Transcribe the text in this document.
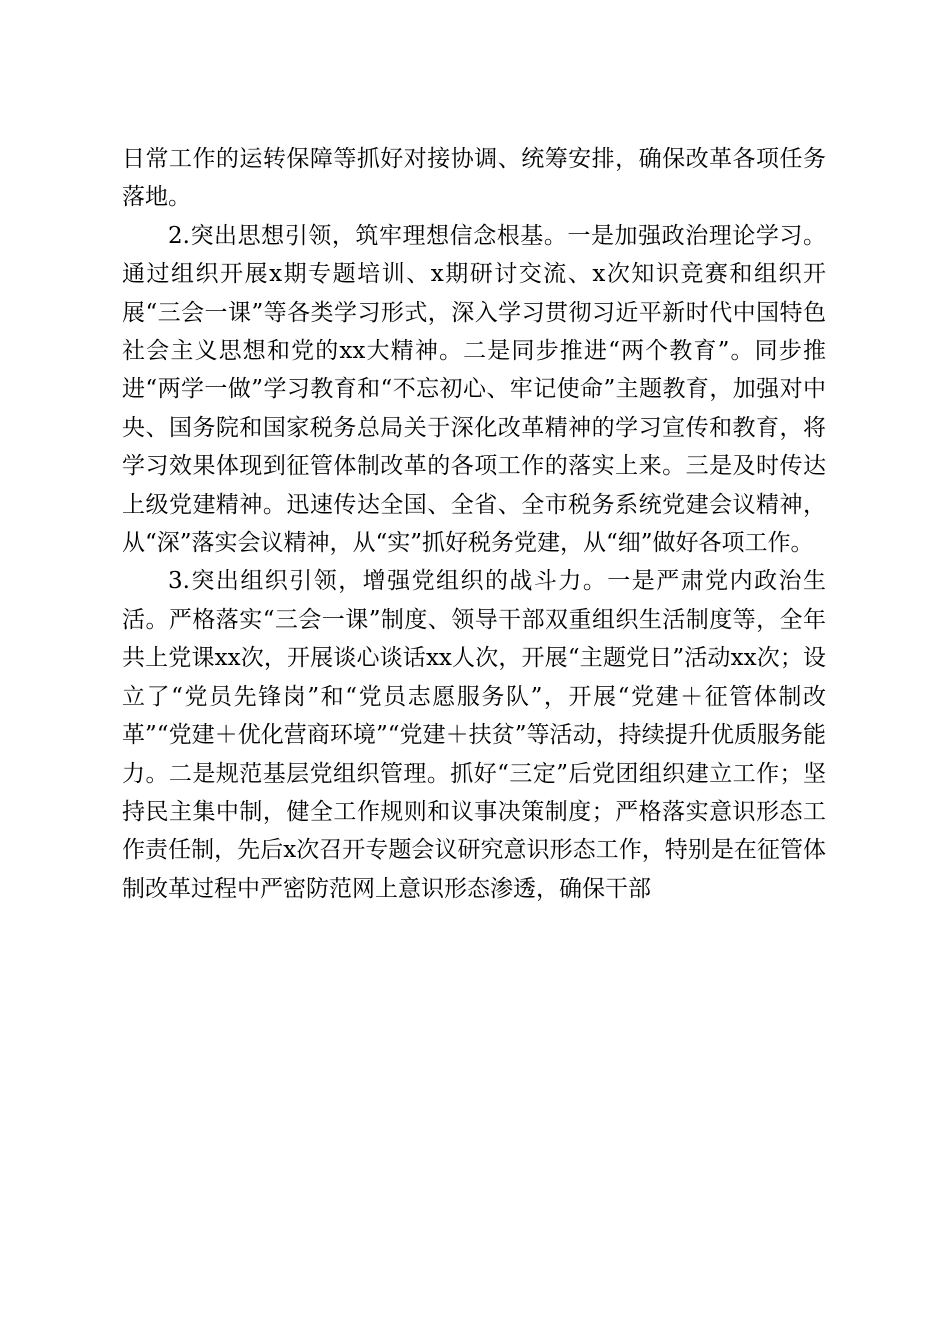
日常工作的运转保障等抓好对接协调、统筹安排，确保改革各项任务落地。

2.突出思想引领，筑牢理想信念根基。一是加强政治理论学习。通过组织开展x期专题培训、x期研讨交流、x次知识竞赛和组织开展“三会一课”等各类学习形式，深入学习贯彻习近平新时代中国特色社会主义思想和党的xx大精神。二是同步推进“两个教育”。同步推进“两学一做”学习教育和“不忘初心、牢记使命”主题教育，加强对中央、国务院和国家税务总局关于深化改革精神的学习宣传和教育，将学习效果体现到征管体制改革的各项工作的落实上来。三是及时传达上级党建精神。迅速传达全国、全省、全市税务系统党建会议精神，从“深”落实会议精神，从“实”抓好税务党建，从“细”做好各项工作。

3.突出组织引领，增强党组织的战斗力。一是严肃党内政治生活。严格落实“三会一课”制度、领导干部双重组织生活制度等，全年共上党课xx次，开展谈心谈话xx人次，开展“主题党日”活动xx次；设立了“党员先锋岗”和“党员志愿服务队”，开展“党建＋征管体制改革”“党建＋优化营商环境”“党建＋扶贫”等活动，持续提升优质服务能力。二是规范基层党组织管理。抓好“三定”后党团组织建立工作；坚持民主集中制，健全工作规则和议事决策制度；严格落实意识形态工作责任制，先后x次召开专题会议研究意识形态工作，特别是在征管体制改革过程中严密防范网上意识形态渗透，确保干部
